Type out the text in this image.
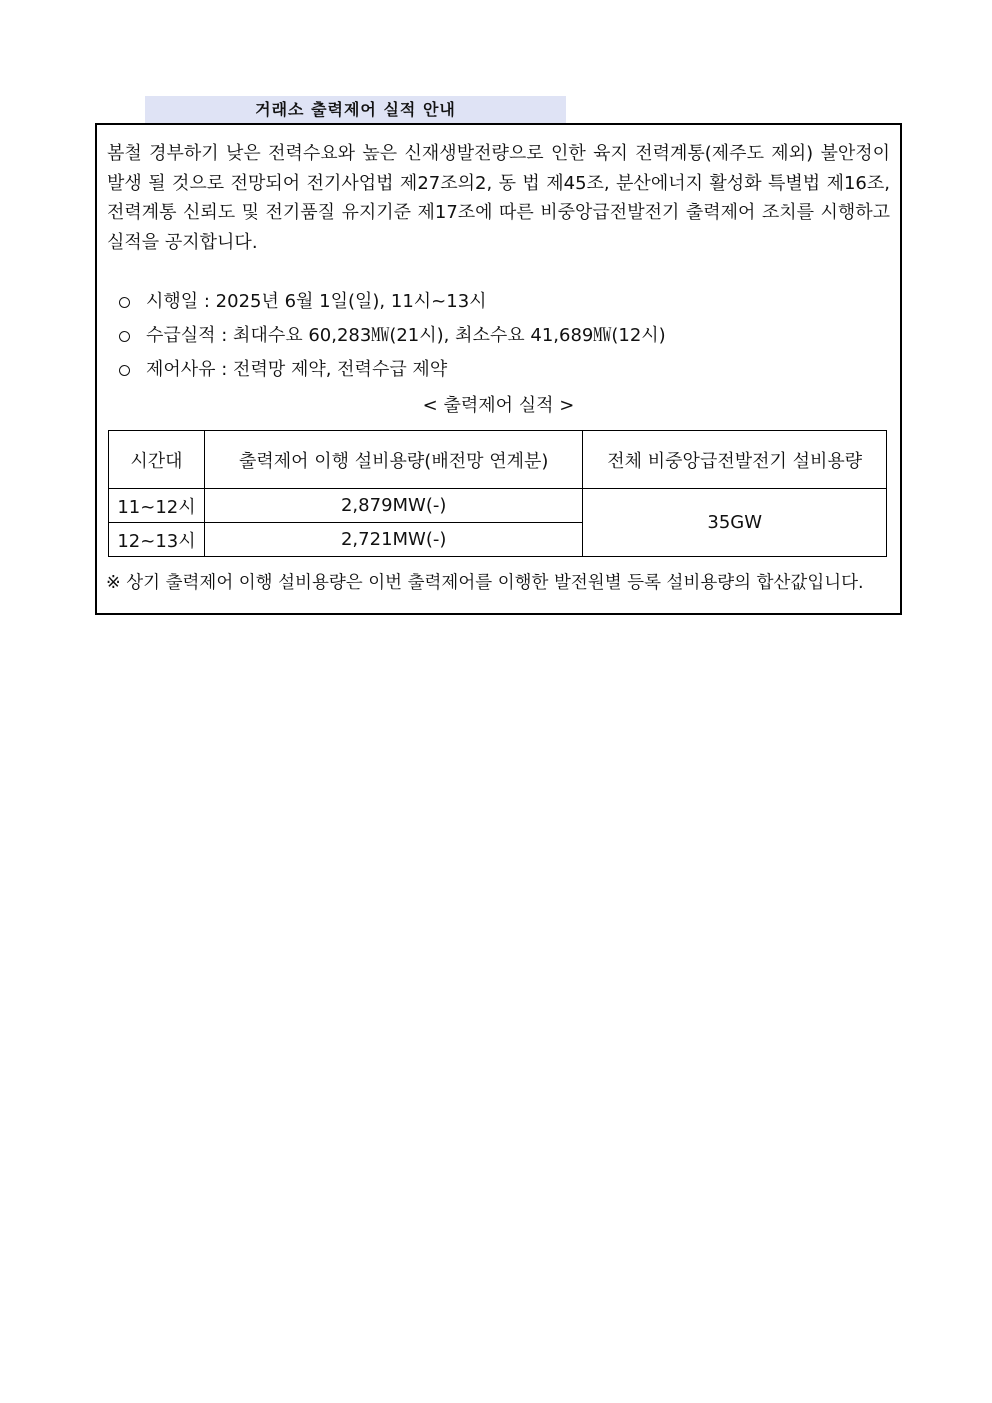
거래소 출력제어 실적 안내

봄철 경부하기 낮은 전력수요와 높은 신재생발전량으로 인한 육지 전력계통(제주도 제외) 불안정이 발생 될 것으로 전망되어 전기사업법 제27조의2, 동 법 제45조, 분산에너지 활성화 특별법 제16조, 전력계통 신뢰도 및 전기품질 유지기준 제17조에 따른 비중앙급전발전기 출력제어 조치를 시행하고 실적을 공지합니다.

시행일 : 2025년 6월 1일(일), 11시~13시
수급실적 : 최대수요 60,283㎿(21시), 최소수요 41,689㎿(12시)
제어사유 : 전력망 제약, 전력수급 제약
< 출력제어 실적 >
시간대	출력제어 이행 설비용량(배전망 연계분)	전체 비중앙급전발전기 설비용량
11~12시	2,879MW(-)	35GW
12~13시	2,721MW(-)	

※ 상기 출력제어 이행 설비용량은 이번 출력제어를 이행한 발전원별 등록 설비용량의 합산값입니다.
